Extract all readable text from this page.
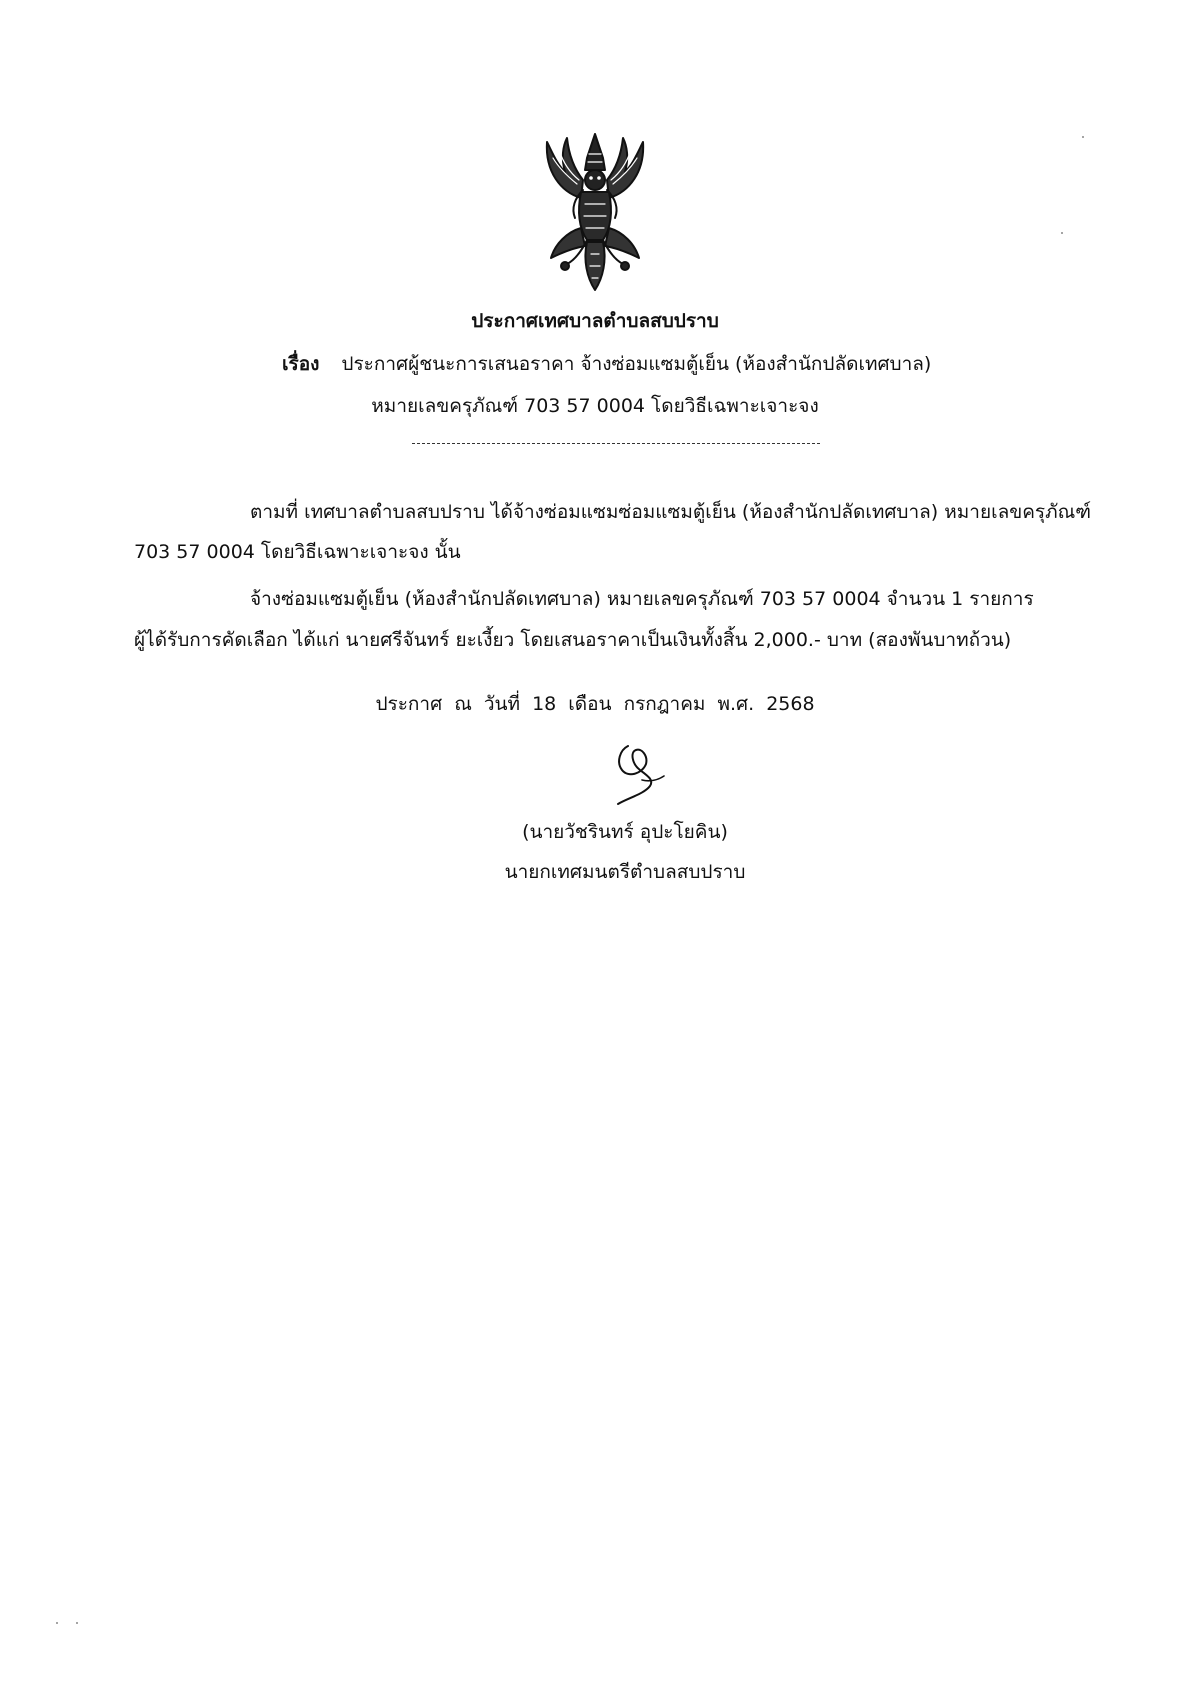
ประกาศเทศบาลตำบลสบปราบ
เรื่อง ประกาศผู้ชนะการเสนอราคา จ้างซ่อมแซมตู้เย็น (ห้องสำนักปลัดเทศบาล)
หมายเลขครุภัณฑ์ 703 57 0004 โดยวิธีเฉพาะเจาะจง
ตามที่ เทศบาลตำบลสบปราบ ได้จ้างซ่อมแซมซ่อมแซมตู้เย็น (ห้องสำนักปลัดเทศบาล) หมายเลขครุภัณฑ์
703 57 0004 โดยวิธีเฉพาะเจาะจง นั้น
จ้างซ่อมแซมตู้เย็น (ห้องสำนักปลัดเทศบาล) หมายเลขครุภัณฑ์ 703 57 0004 จำนวน 1 รายการ
ผู้ได้รับการคัดเลือก ได้แก่ นายศรีจันทร์ ยะเงี้ยว โดยเสนอราคาเป็นเงินทั้งสิ้น 2,000.- บาท (สองพันบาทถ้วน)
ประกาศ ณ วันที่ 18 เดือน กรกฎาคม พ.ศ. 2568
(นายวัชรินทร์ อุปะโยคิน)
นายกเทศมนตรีตำบลสบปราบ
